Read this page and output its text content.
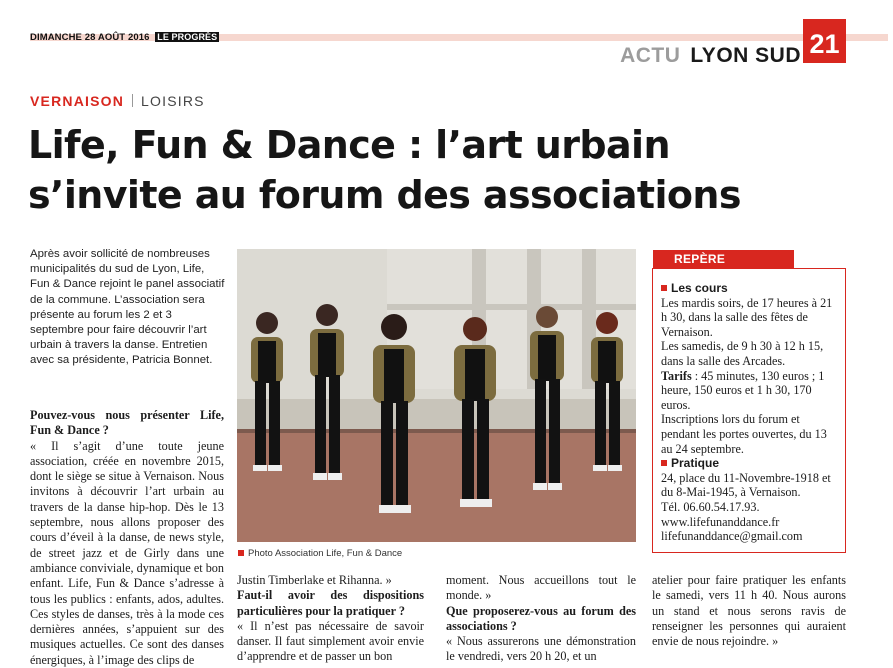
DIMANCHE 28 AOÛT 2016 LE PROGRÈS
ACTU LYON SUD 21
VERNAISON LOISIRS
Life, Fun & Dance : l’art urbain
s’invite au forum des associations
Après avoir sollicité de nombreuses municipalités du sud de Lyon, Life, Fun & Dance rejoint le panel associatif de la commune. L’association sera présente au forum les 2 et 3 septembre pour faire découvrir l’art urbain à travers la danse. Entretien avec sa présidente, Patricia Bonnet.

Pouvez-vous nous présenter Life, Fun & Dance ?

« Il s’agit d’une toute jeune association, créée en novembre 2015, dont le siège se situe à Vernaison. Nous invitons à découvrir l’art urbain au travers de la danse hip-hop. Dès le 13 septembre, nous allons proposer des cours d’éveil à la danse, de news style, de street jazz et de Girly dans une ambiance conviviale, dynamique et bon enfant. Life, Fun & Dance s’adresse à tous les publics : enfants, ados, adultes. Ces styles de danses, très à la mode ces dernières années, s’appuient sur des musiques actuelles. Ce sont des danses énergiques, à l’image des clips de

Photo Association Life, Fun & Dance

Justin Timberlake et Rihanna. »

Faut-il avoir des dispositions particulières pour la pratiquer ?

« Il n’est pas nécessaire de savoir danser. Il faut simplement avoir envie d’apprendre et de passer un bon

moment. Nous accueillons tout le monde. »

Que proposerez-vous au forum des associations ?

« Nous assurerons une démonstration le vendredi, vers 20 h 20, et un

atelier pour faire pratiquer les enfants le samedi, vers 11 h 40. Nous aurons un stand et nous serons ravis de renseigner les personnes qui auraient envie de nous rejoindre. »

REPÈRE

Les cours

Les mardis soirs, de 17 heures à 21 h 30, dans la salle des fêtes de Vernaison.

Les samedis, de 9 h 30 à 12 h 15, dans la salle des Arcades.

Tarifs : 45 minutes, 130 euros ; 1 heure, 150 euros et 1 h 30, 170 euros.

Inscriptions lors du forum et pendant les portes ouvertes, du 13 au 24 septembre.

Pratique

24, place du 11-Novembre-1918 et du 8-Mai-1945, à Vernaison.

Tél. 06.60.54.17.93.

www.lifefunanddance.fr

lifefunanddance@gmail.com
